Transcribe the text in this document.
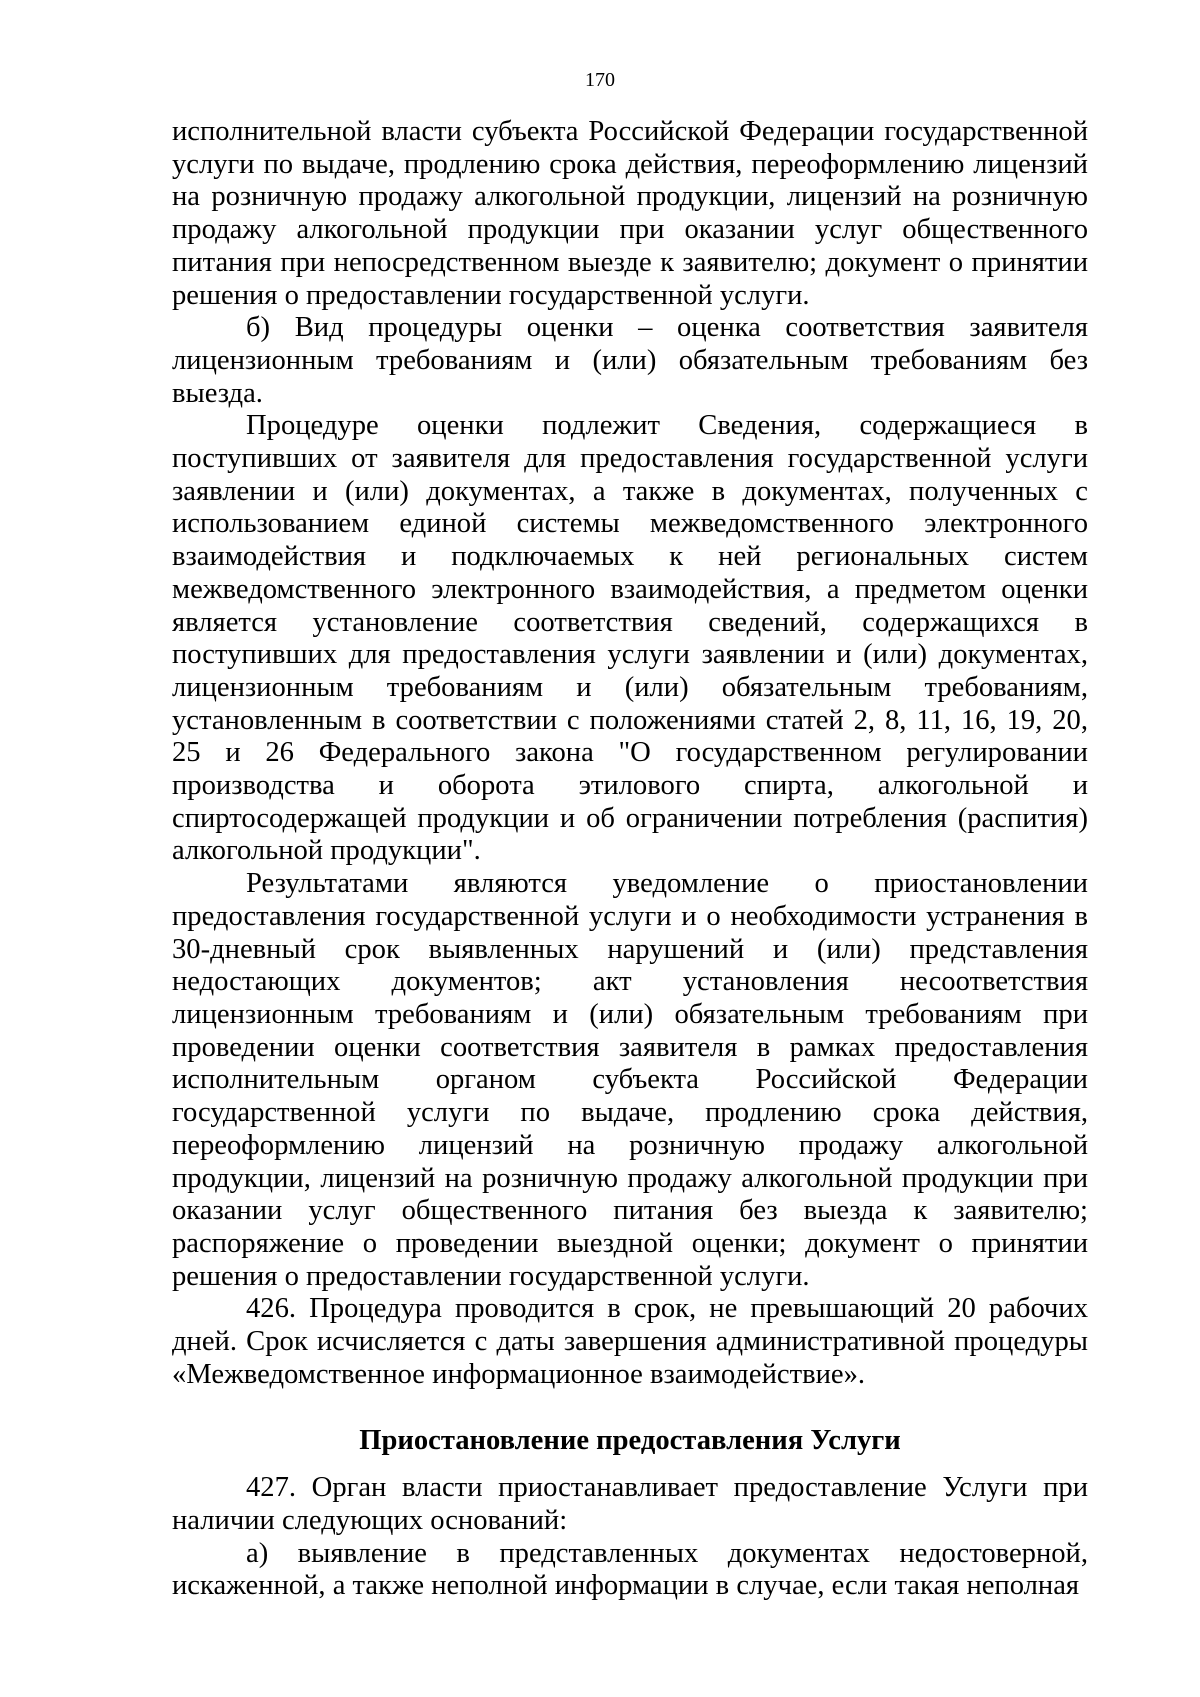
170

исполнительной власти субъекта Российской Федерации государственной услуги по выдаче, продлению срока действия, переоформлению лицензий на розничную продажу алкогольной продукции, лицензий на розничную продажу алкогольной продукции при оказании услуг общественного питания при непосредственном выезде к заявителю; документ о принятии решения о предоставлении государственной услуги.

б) Вид процедуры оценки – оценка соответствия заявителя лицензионным требованиям и (или) обязательным требованиям без выезда.

Процедуре оценки подлежит Сведения, содержащиеся в поступивших от заявителя для предоставления государственной услуги заявлении и (или) документах, а также в документах, полученных с использованием единой системы межведомственного электронного взаимодействия и подключаемых к ней региональных систем межведомственного электронного взаимодействия, а предметом оценки является установление соответствия сведений, содержащихся в поступивших для предоставления услуги заявлении и (или) документах, лицензионным требованиям и (или) обязательным требованиям, установленным в соответствии с положениями статей 2, 8, 11, 16, 19, 20, 25 и 26 Федерального закона "О государственном регулировании производства и оборота этилового спирта, алкогольной и спиртосодержащей продукции и об ограничении потребления (распития) алкогольной продукции".

Результатами являются уведомление о приостановлении предоставления государственной услуги и о необходимости устранения в 30-дневный срок выявленных нарушений и (или) представления недостающих документов; акт установления несоответствия лицензионным требованиям и (или) обязательным требованиям при проведении оценки соответствия заявителя в рамках предоставления исполнительным органом субъекта Российской Федерации государственной услуги по выдаче, продлению срока действия, переоформлению лицензий на розничную продажу алкогольной продукции, лицензий на розничную продажу алкогольной продукции при оказании услуг общественного питания без выезда к заявителю; распоряжение о проведении выездной оценки; документ о принятии решения о предоставлении государственной услуги.

426. Процедура проводится в срок, не превышающий 20 рабочих дней. Срок исчисляется с даты завершения административной процедуры «Межведомственное информационное взаимодействие».

Приостановление предоставления Услуги

427. Орган власти приостанавливает предоставление Услуги при наличии следующих оснований:

а) выявление в представленных документах недостоверной, искаженной, а также неполной информации в случае, если такая неполная
